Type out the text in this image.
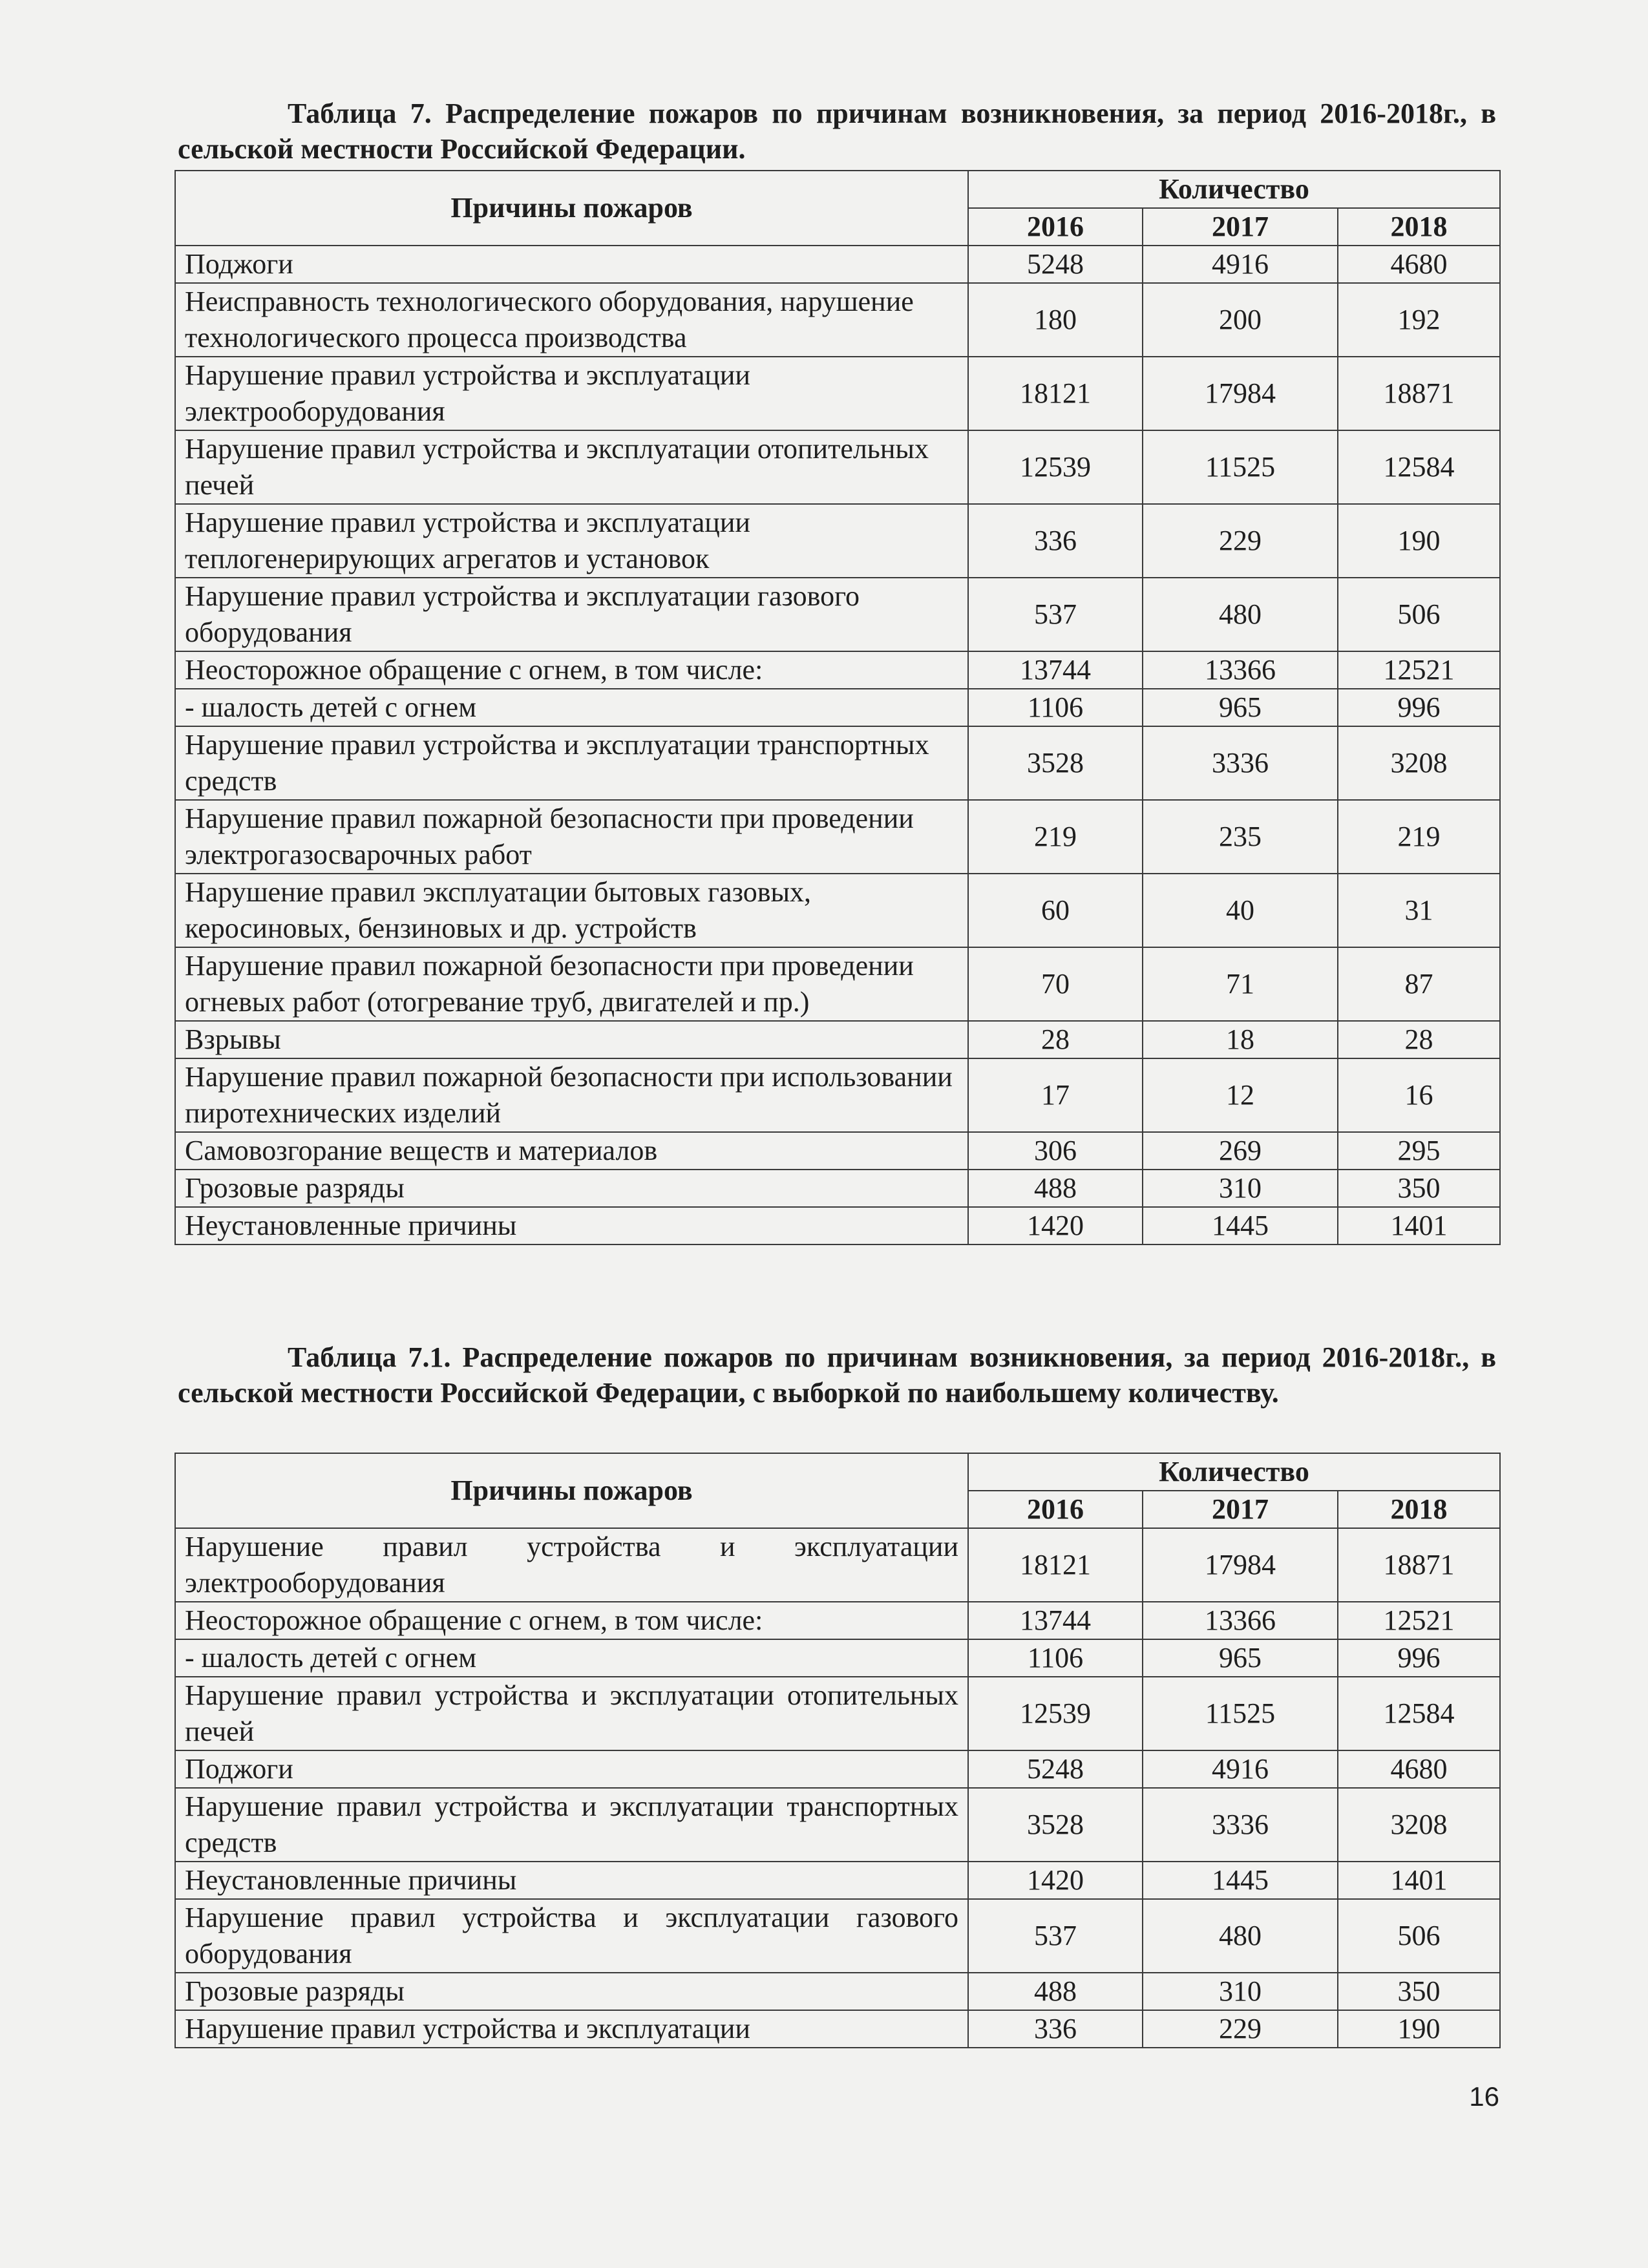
Таблица 7. Распределение пожаров по причинам возникновения, за период 2016-2018г., в сельской местности Российской Федерации.

Причины пожаров	Количество		
	2016	2017	2018
Поджоги	5248	4916	4680
Неисправность технологического оборудования, нарушение технологического процесса производства	180	200	192
Нарушение правил устройства и эксплуатации электрооборудования	18121	17984	18871
Нарушение правил устройства и эксплуатации отопительных печей	12539	11525	12584
Нарушение правил устройства и эксплуатации теплогенерирующих агрегатов и установок	336	229	190
Нарушение правил устройства и эксплуатации газового оборудования	537	480	506
Неосторожное обращение с огнем, в том числе:	13744	13366	12521
- шалость детей с огнем	1106	965	996
Нарушение правил устройства и эксплуатации транспортных средств	3528	3336	3208
Нарушение правил пожарной безопасности при проведении электрогазосварочных работ	219	235	219
Нарушение правил эксплуатации бытовых газовых, керосиновых, бензиновых и др. устройств	60	40	31
Нарушение правил пожарной безопасности при проведении огневых работ (отогревание труб, двигателей и пр.)	70	71	87
Взрывы	28	18	28
Нарушение правил пожарной безопасности при использовании пиротехнических изделий	17	12	16
Самовозгорание веществ и материалов	306	269	295
Грозовые разряды	488	310	350
Неустановленные причины	1420	1445	1401

Таблица 7.1. Распределение пожаров по причинам возникновения, за период 2016-2018г., в сельской местности Российской Федерации, с выборкой по наибольшему количеству.

Причины пожаров	Количество		
	2016	2017	2018
Нарушение правил устройства и эксплуатации электрооборудования	18121	17984	18871
Неосторожное обращение с огнем, в том числе:	13744	13366	12521
- шалость детей с огнем	1106	965	996
Нарушение правил устройства и эксплуатации отопительных печей	12539	11525	12584
Поджоги	5248	4916	4680
Нарушение правил устройства и эксплуатации транспортных средств	3528	3336	3208
Неустановленные причины	1420	1445	1401
Нарушение правил устройства и эксплуатации газового оборудования	537	480	506
Грозовые разряды	488	310	350
Нарушение правил устройства и эксплуатации	336	229	190
16
